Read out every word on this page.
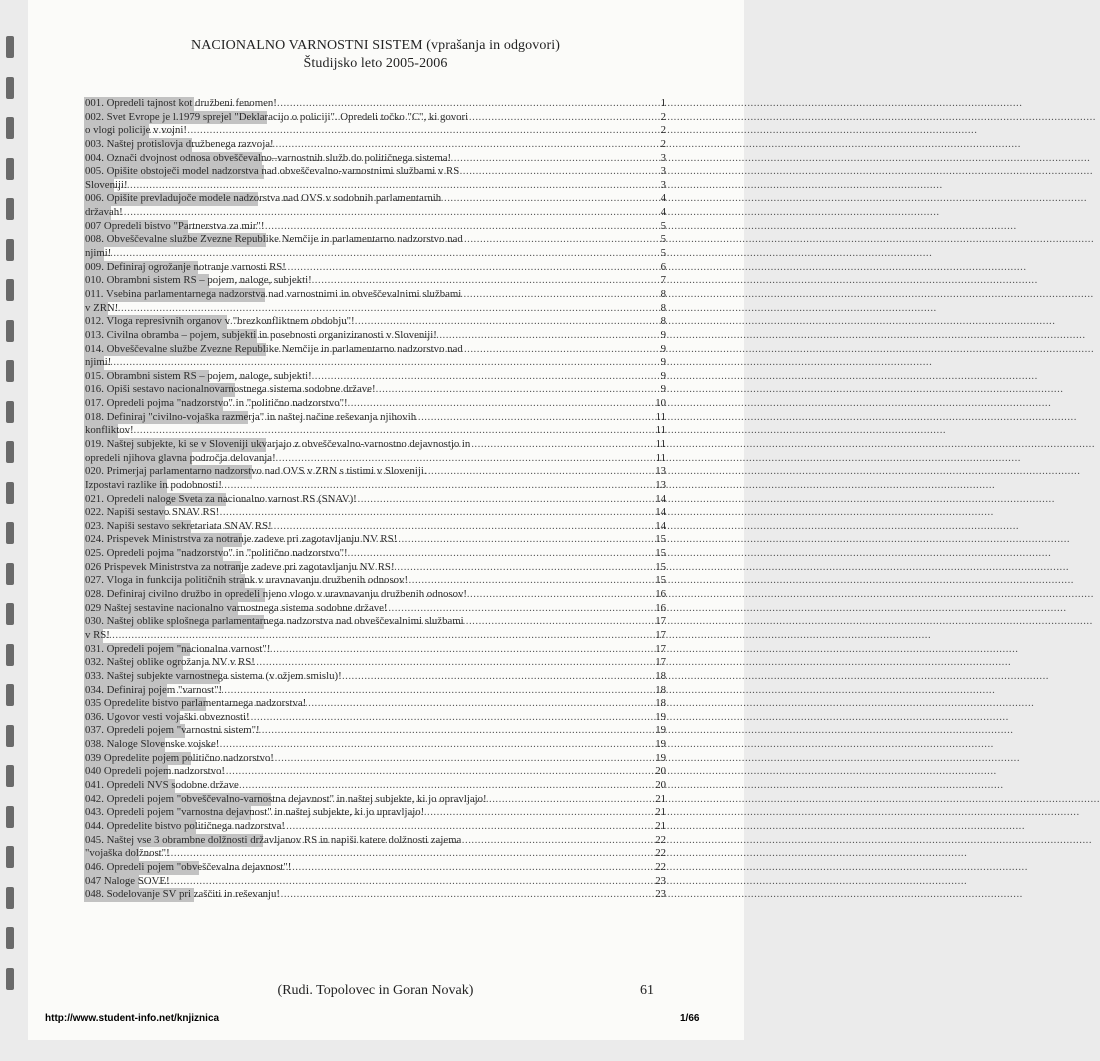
NACIONALNO VARNOSTNI SISTEM (vprašanja in odgovori)
Študijsko leto 2005-2006
001. Opredeli tajnost kot družbeni fenomen! .....	1
002. Svet Evrope je l.1979 sprejel "Deklaracijo o policiji". Opredeli točko "C", ki govori .....	2
o vlogi policije v vojni! .....	2
003. Naštej protislovja družbenega razvoja! .....	2
004. Označi dvojnost odnosa obveščevalno–varnostnih služb do političnega sistema! .....	3
005. Opišite obstoječi model nadzorstva nad obveščevalno-varnostnimi službami v RS .....	3
Sloveniji! .....	3
006. Opišite prevladujoče modele nadzorstva nad OVS v sodobnih parlamentarnih .....	4
državah! .....	4
007 Opredeli bistvo "Partnerstva za mir"! .....	5
008. Obveščevalne službe Zvezne Republike Nemčije in parlamentarno nadzorstvo nad .....	5
njimi! .....	5
009. Definiraj ogrožanje notranje varnosti RS! .....	6
010. Obrambni sistem RS – pojem, naloge, subjekti! .....	7
011. Vsebina parlamentarnega nadzorstva nad varnostnimi in obveščevalnimi službami .....	8
v ZRN! .....	8
012. Vloga represivnih organov v "brezkonfliktnem obdobju"! .....	8
013. Civilna obramba – pojem, subjekti in posebnosti organiziranosti v Sloveniji! .....	9
014. Obveščevalne službe Zvezne Republike Nemčije in parlamentarno nadzorstvo nad .....	9
njimi! .....	9
015. Obrambni sistem RS – pojem, naloge, subjekti! .....	9
016. Opiši sestavo nacionalnovarnostnega sistema sodobne države! .....	9
017. Opredeli pojma "nadzorstvo" in "politično nadzorstvo"! .....	10
018. Definiraj "civilno-vojaška razmerja" in naštej načine reševanja njihovih .....	11
konfliktov! .....	11
019. Naštej subjekte, ki se v Sloveniji ukvarjajo z obveščevalno-varnostno dejavnostjo in .....	11
opredeli njihova glavna področja delovanja! .....	11
020. Primerjaj parlamentarno nadzorstvo nad OVS v ZRN s tistimi v Sloveniji. .....	13
Izpostavi razlike in podobnosti! .....	13
021. Opredeli naloge Sveta za nacionalno varnost RS (SNAV)! .....	14
022. Napiši sestavo SNAV RS! .....	14
023. Napiši sestavo sekretariata SNAV RS! .....	14
024. Prispevek Ministrstva za notranje zadeve pri zagotavljanju NV RS! .....	15
025. Opredeli pojma "nadzorstvo" in "politično nadzorstvo"! .....	15
026 Prispevek Ministrstva za notranje zadeve pri zagotavljanju NV RS! .....	15
027. Vloga in funkcija političnih strank v uravnavanju družbenih odnosov! .....	15
028. Definiraj civilno družbo in opredeli njeno vlogo v uravnavanju družbenih odnosov! .....	16
029 Naštej sestavine nacionalno varnostnega sistema sodobne države! .....	16
030. Naštej oblike splošnega parlamentarnega nadzorstva nad obveščevalnimi službami .....	17
v RS! .....	17
031. Opredeli pojem "nacionalna varnost"! .....	17
032. Naštej oblike ogrožanja NV v RS! .....	17
033. Naštej subjekte varnostnega sistema (v ožjem smislu)! .....	18
034. Definiraj pojem "varnost"! .....	18
035 Opredelite bistvo parlamentarnega nadzorstva! .....	18
036. Ugovor vesti vojaški obveznosti! .....	19
037. Opredeli pojem "varnostni sistem"! .....	19
038. Naloge Slovenske vojske! .....	19
039 Opredelite pojem politično nadzorstvo! .....	19
040 Opredeli pojem nadzorstvo! .....	20
041. Opredeli NVS sodobne države .....	20
042. Opredeli pojem "obveščevalno-varnostna dejavnost" in naštej subjekte, ki jo opravljajo! .....	21
043. Opredeli pojem "varnostna dejavnost" in naštej subjekte, ki jo upravljajo! .....	21
044. Opredelite bistvo političnega nadzorstva! .....	21
045. Naštej vse 3 obrambne dolžnosti državljanov RS in napiši katere dolžnosti zajema .....	22
"vojaška dolžnost"! .....	22
046. Opredeli pojem "obveščevalna dejavnost"! .....	22
047 Naloge SOVE! .....	23
048. Sodelovanje SV pri zaščiti in reševanju! .....	23
(Rudi. Topolovec in Goran Novak)	61
http://www.student-info.net/knjiznica	1/66
